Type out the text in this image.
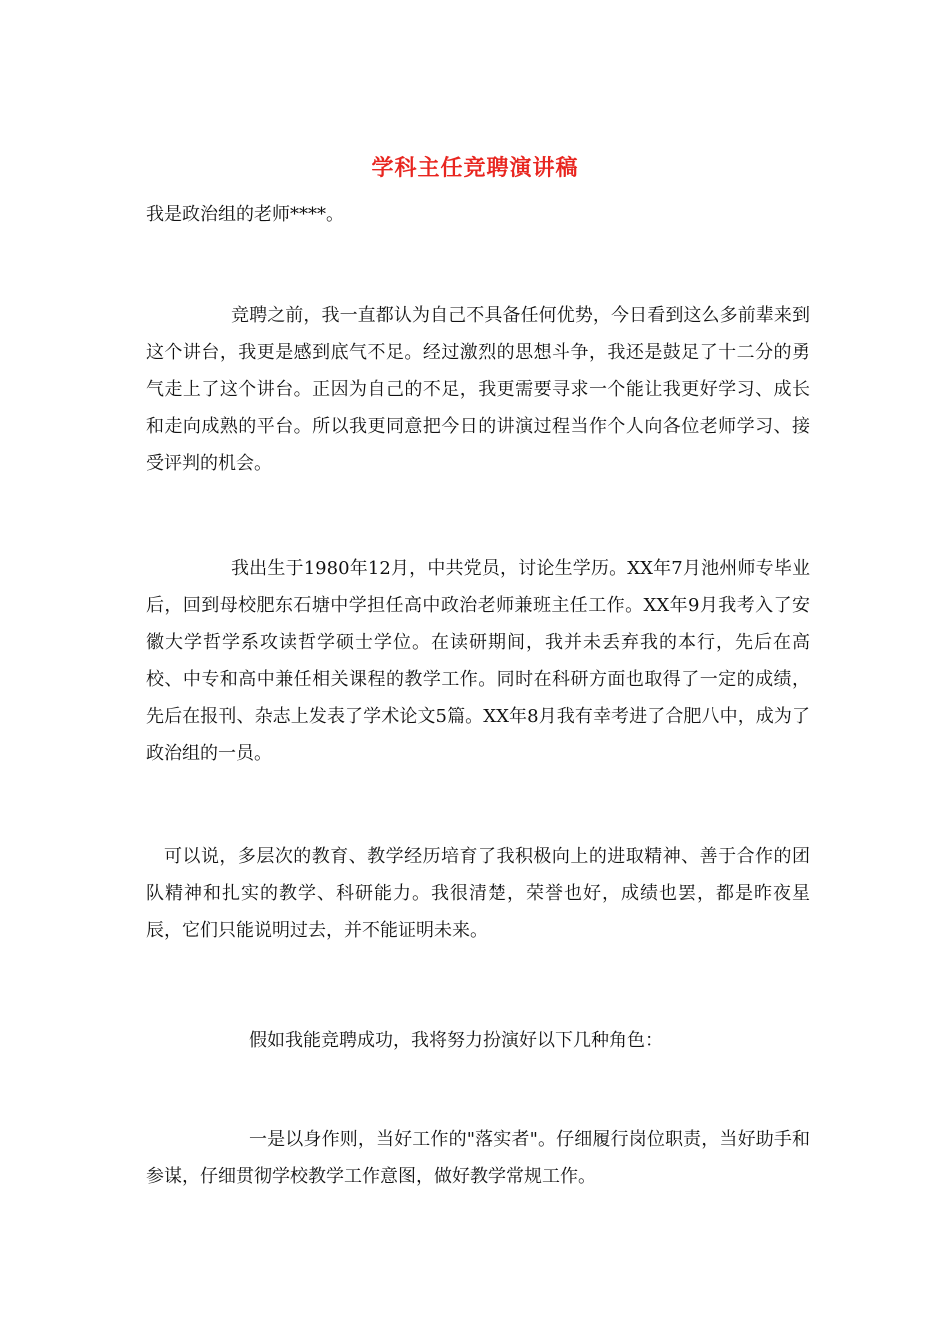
学科主任竞聘演讲稿

我是政治组的老师****。

竞聘之前，我一直都认为自己不具备任何优势，今日看到这么多前辈来到这个讲台，我更是感到底气不足。经过激烈的思想斗争，我还是鼓足了十二分的勇气走上了这个讲台。正因为自己的不足，我更需要寻求一个能让我更好学习、成长和走向成熟的平台。所以我更同意把今日的讲演过程当作个人向各位老师学习、接受评判的机会。

我出生于1980年12月，中共党员，讨论生学历。XX年7月池州师专毕业后，回到母校肥东石塘中学担任高中政治老师兼班主任工作。XX年9月我考入了安徽大学哲学系攻读哲学硕士学位。在读研期间，我并未丢弃我的本行，先后在高校、中专和高中兼任相关课程的教学工作。同时在科研方面也取得了一定的成绩，先后在报刊、杂志上发表了学术论文5篇。XX年8月我有幸考进了合肥八中，成为了政治组的一员。

可以说，多层次的教育、教学经历培育了我积极向上的进取精神、善于合作的团队精神和扎实的教学、科研能力。我很清楚，荣誉也好，成绩也罢，都是昨夜星辰，它们只能说明过去，并不能证明未来。

假如我能竞聘成功，我将努力扮演好以下几种角色：

一是以身作则，当好工作的"落实者"。仔细履行岗位职责，当好助手和参谋，仔细贯彻学校教学工作意图，做好教学常规工作。
